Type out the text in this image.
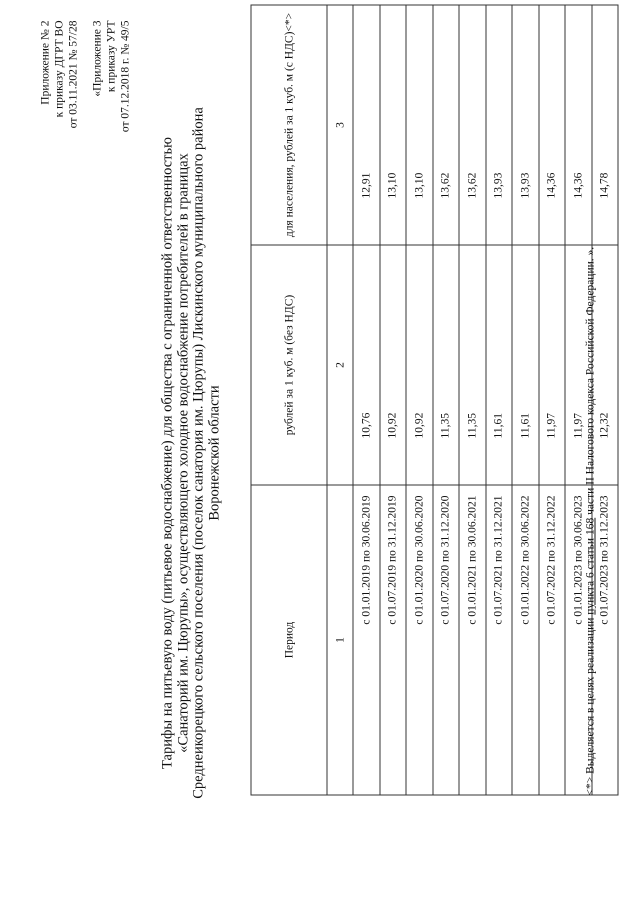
Приложение № 2 к приказу ДГРТ ВО от 03.11.2021 № 57/28 «Приложение 3 к приказу УРТ от 07.12.2018 г. № 49/5
Тарифы на питьевую воду (питьевое водоснабжение) для общества с ограниченной ответственностью «Санаторий им. Цюрупы», осуществляющего холодное водоснабжение потребителей в границах Среднеикорецкого сельского поселения (поселок санатория им. Цюрупы) Лискинского муниципального района Воронежской области
Период	рублей за 1 куб. м (без НДС)	для населения, рублей за 1 куб. м (с НДС)<*>
1	2	3
с 01.01.2019 по 30.06.2019	10,76	12,91
с 01.07.2019 по 31.12.2019	10,92	13,10
с 01.01.2020 по 30.06.2020	10,92	13,10
с 01.07.2020 по 31.12.2020	11,35	13,62
с 01.01.2021 по 30.06.2021	11,35	13,62
с 01.07.2021 по 31.12.2021	11,61	13,93
с 01.01.2022 по 30.06.2022	11,61	13,93
с 01.07.2022 по 31.12.2022	11,97	14,36
с 01.01.2023 по 30.06.2023	11,97	14,36
с 01.07.2023 по 31.12.2023	12,32	14,78
<*> Выделяется в целях реализации пункта 6 статьи 168 части II Налогового кодекса Российской Федерации. ».
